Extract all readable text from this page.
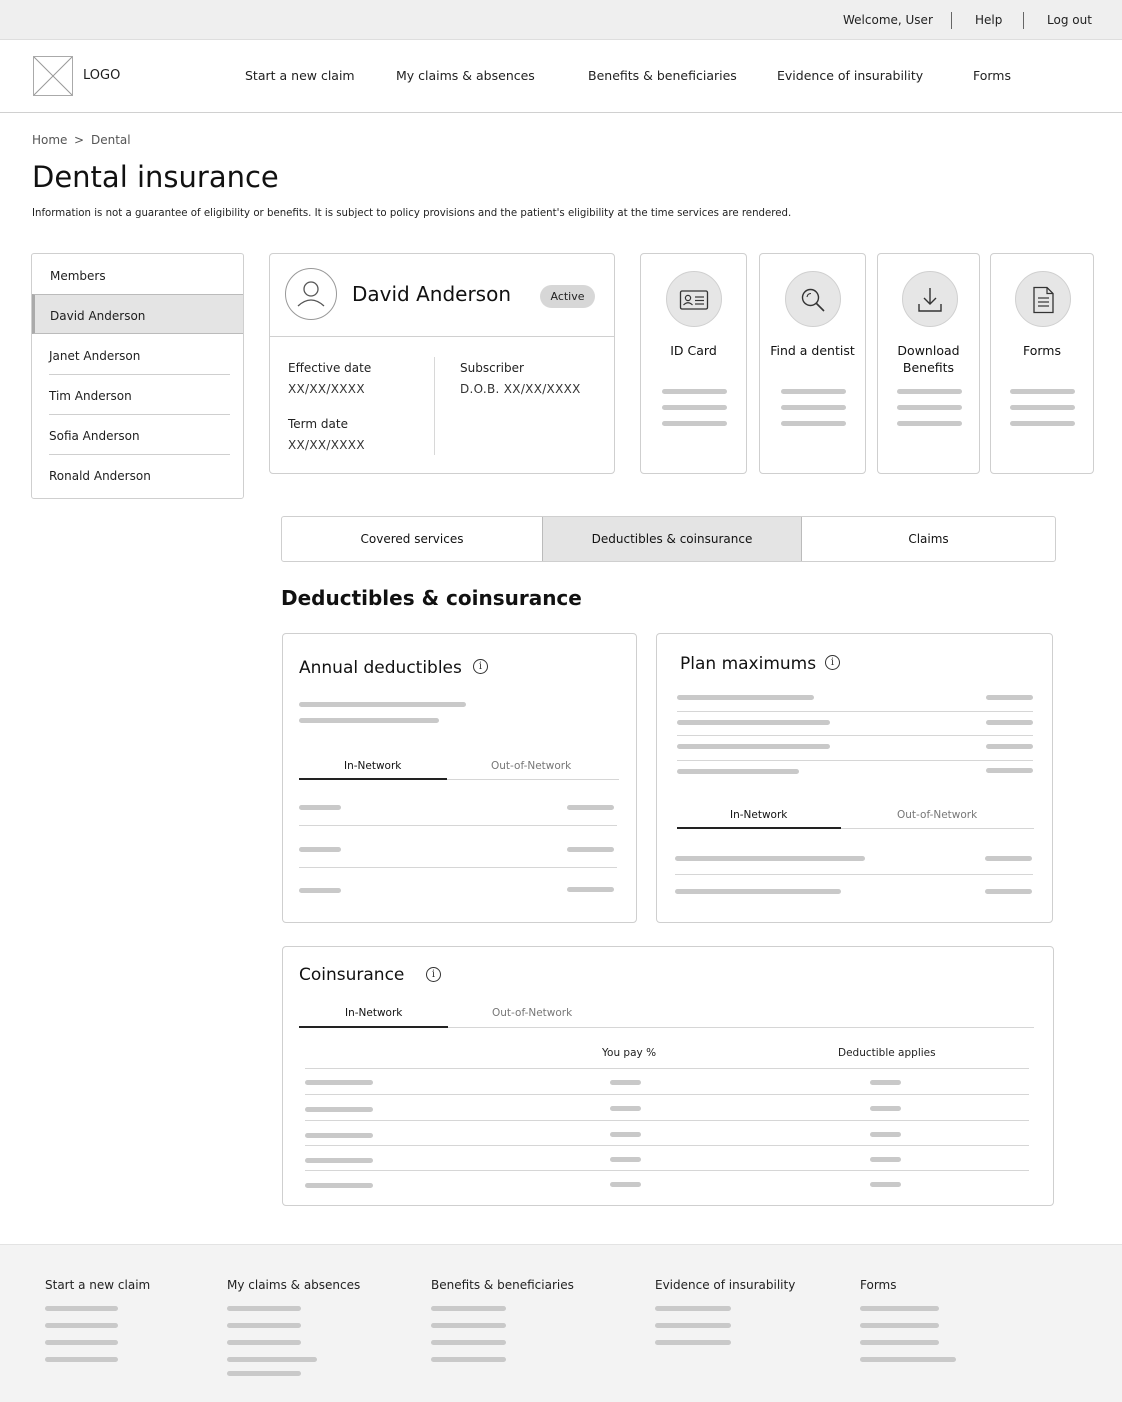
Welcome, User	Help	Log out
LOGO	Start a new claim	My claims & absences	Benefits & beneficiaries	Evidence of insurability	Forms
Home > Dental
Dental insurance

Information is not a guarantee of eligibility or benefits. It is subject to policy provisions and the patient's eligibility at the time services are rendered.

Members
David Anderson
Janet Anderson
Tim Anderson
Sofia Anderson
Ronald Anderson
David Anderson	Active
Effective date
XX/XX/XXXX
Term date
XX/XX/XXXX
Subscriber
D.O.B. XX/XX/XXXX
ID Card	Find a dentist	Download
Benefits
Forms
Covered services	Deductibles & coinsurance	Claims
Deductibles & coinsurance
Annual deductibles	i
In-Network	Out-of-Network
Plan maximums	i
In-Network	Out-of-Network
Coinsurance	i
In-Network	Out-of-Network
You pay %	Deductible applies
Start a new claim	My claims & absences	Benefits & beneficiaries	Evidence of insurability	Forms
